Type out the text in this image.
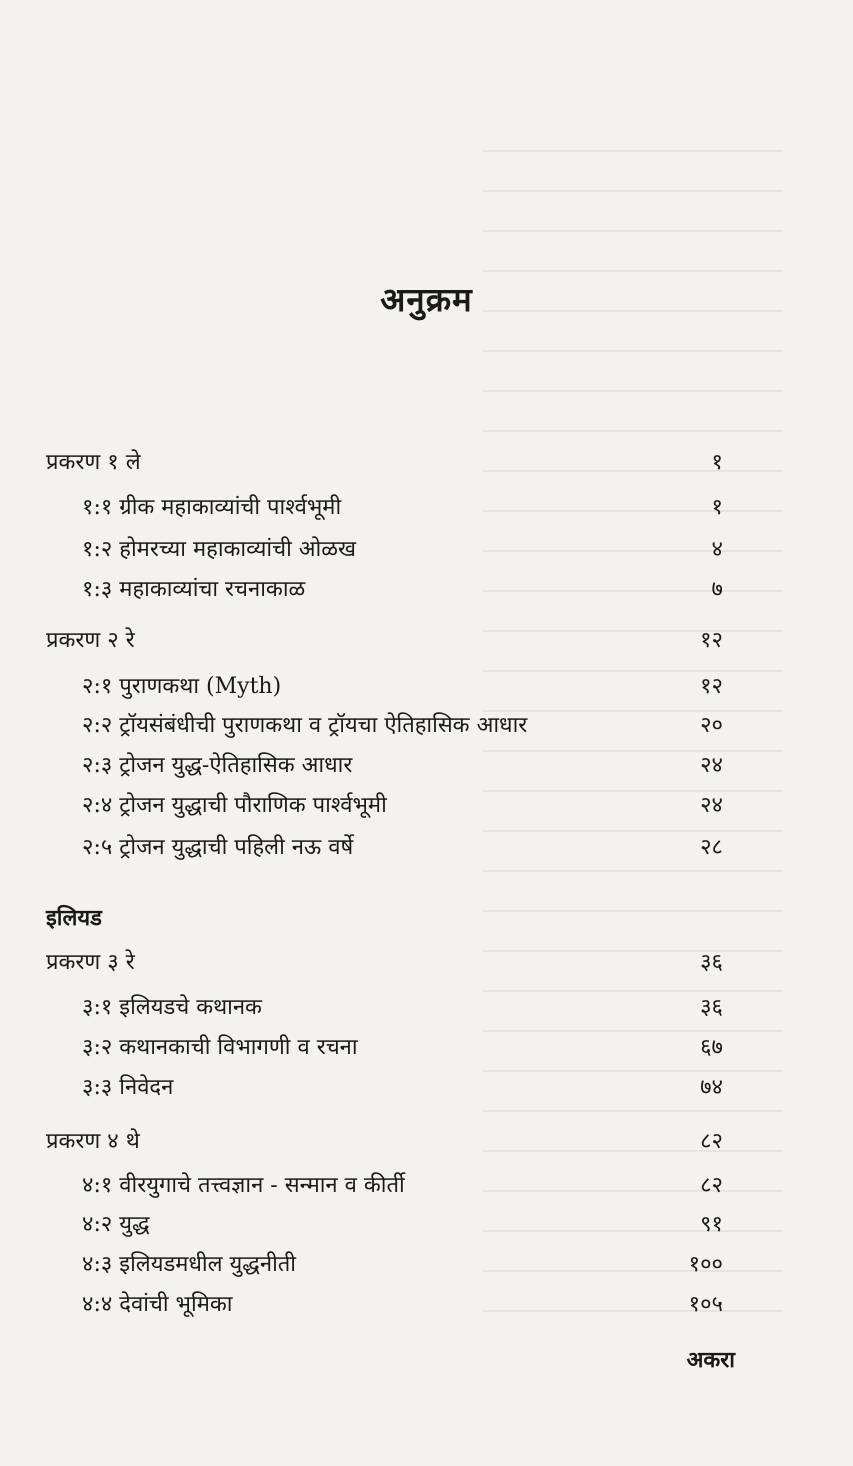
अनुक्रम
प्रकरण १ ले	१
१:१ ग्रीक महाकाव्यांची पार्श्वभूमी	१
१:२ होमरच्या महाकाव्यांची ओळख	४
१:३ महाकाव्यांचा रचनाकाळ	७
प्रकरण २ रे	१२
२:१ पुराणकथा (Myth)	१२
२:२ ट्रॉयसंबंधीची पुराणकथा व ट्रॉयचा ऐतिहासिक आधार	२०
२:३ ट्रोजन युद्ध-ऐतिहासिक आधार	२४
२:४ ट्रोजन युद्धाची पौराणिक पार्श्वभूमी	२४
२:५ ट्रोजन युद्धाची पहिली नऊ वर्षे	२८
इलियड
प्रकरण ३ रे	३६
३:१ इलियडचे कथानक	३६
३:२ कथानकाची विभागणी व रचना	६७
३:३ निवेदन	७४
प्रकरण ४ थे	८२
४:१ वीरयुगाचे तत्त्वज्ञान - सन्मान व कीर्ती	८२
४:२ युद्ध	९१
४:३ इलियडमधील युद्धनीती	१००
४:४ देवांची भूमिका	१०५
अकरा
